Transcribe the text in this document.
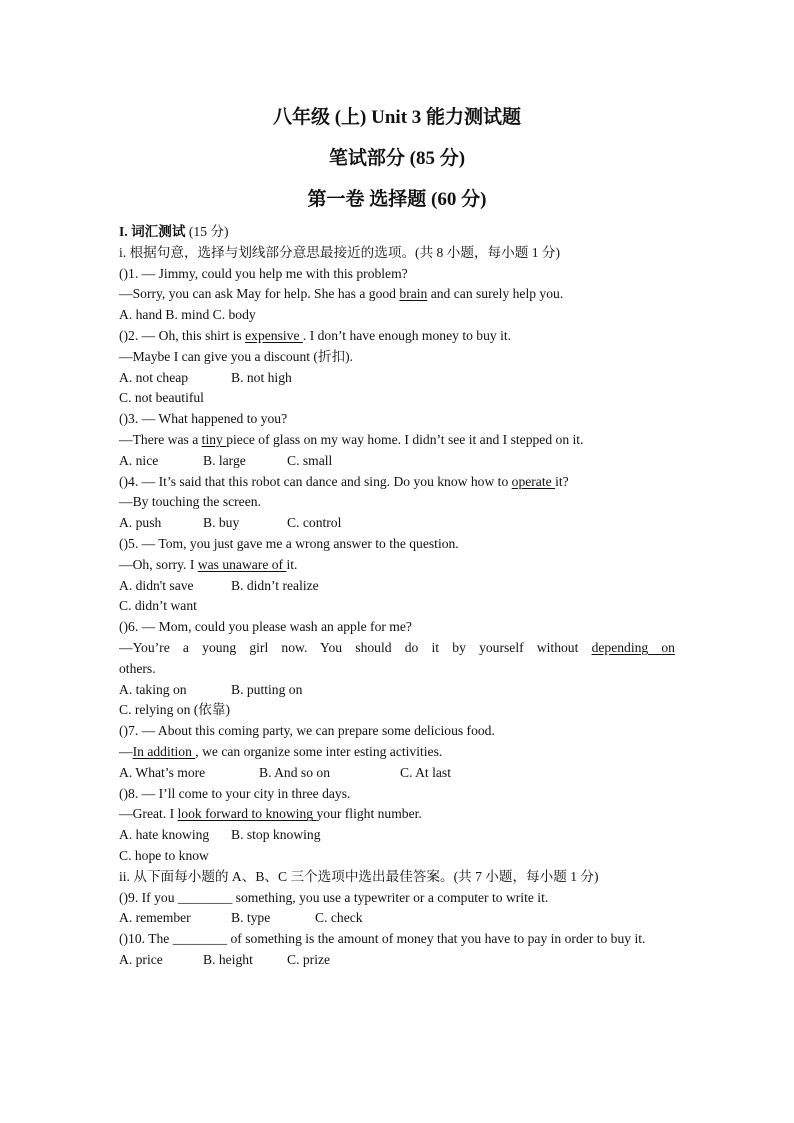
八年级 (上) Unit 3 能力测试题
笔试部分 (85 分)
第一卷 选择题 (60 分)
I. 词汇测试 (15 分)
i. 根据句意，选择与划线部分意思最接近的选项。(共 8 小题，每小题 1 分)
()1. — Jimmy, could you help me with this problem?
—Sorry, you can ask May for help. She has a good brain and can surely help you.
A. hand B. mind C. body
()2. — Oh, this shirt is expensive . I don’t have enough money to buy it.
—Maybe I can give you a discount (折扣).
A. not cheap	B. not high
C. not beautiful
()3. — What happened to you?
—There was a tiny piece of glass on my way home. I didn’t see it and I stepped on it.
A. nice	B. large	C. small
()4. — It’s said that this robot can dance and sing. Do you know how to operate it?
—By touching the screen.
A. push	B. buy	C. control
()5. — Tom, you just gave me a wrong answer to the question.
—Oh, sorry. I was unaware of it.
A. didn't save	B. didn’t realize
C. didn’t want
()6. — Mom, could you please wash an apple for me?
—You’re a young girl now. You should do it by yourself without depending on
others.
A. taking on	B. putting on
C. relying on (依靠)
()7. — About this coming party, we can prepare some delicious food.
—In addition , we can organize some inter esting activities.
A. What’s more	B. And so on	C. At last
()8. — I’ll come to your city in three days.
—Great. I look forward to knowing your flight number.
A. hate knowing	B. stop knowing
C. hope to know
ii. 从下面每小题的 A、B、C 三个选项中选出最佳答案。(共 7 小题，每小题 1 分)
()9. If you ________ something, you use a typewriter or a computer to write it.
A. remember	B. type	C. check
()10. The ________ of something is the amount of money that you have to pay in order to buy it.
A. price	B. height	C. prize
